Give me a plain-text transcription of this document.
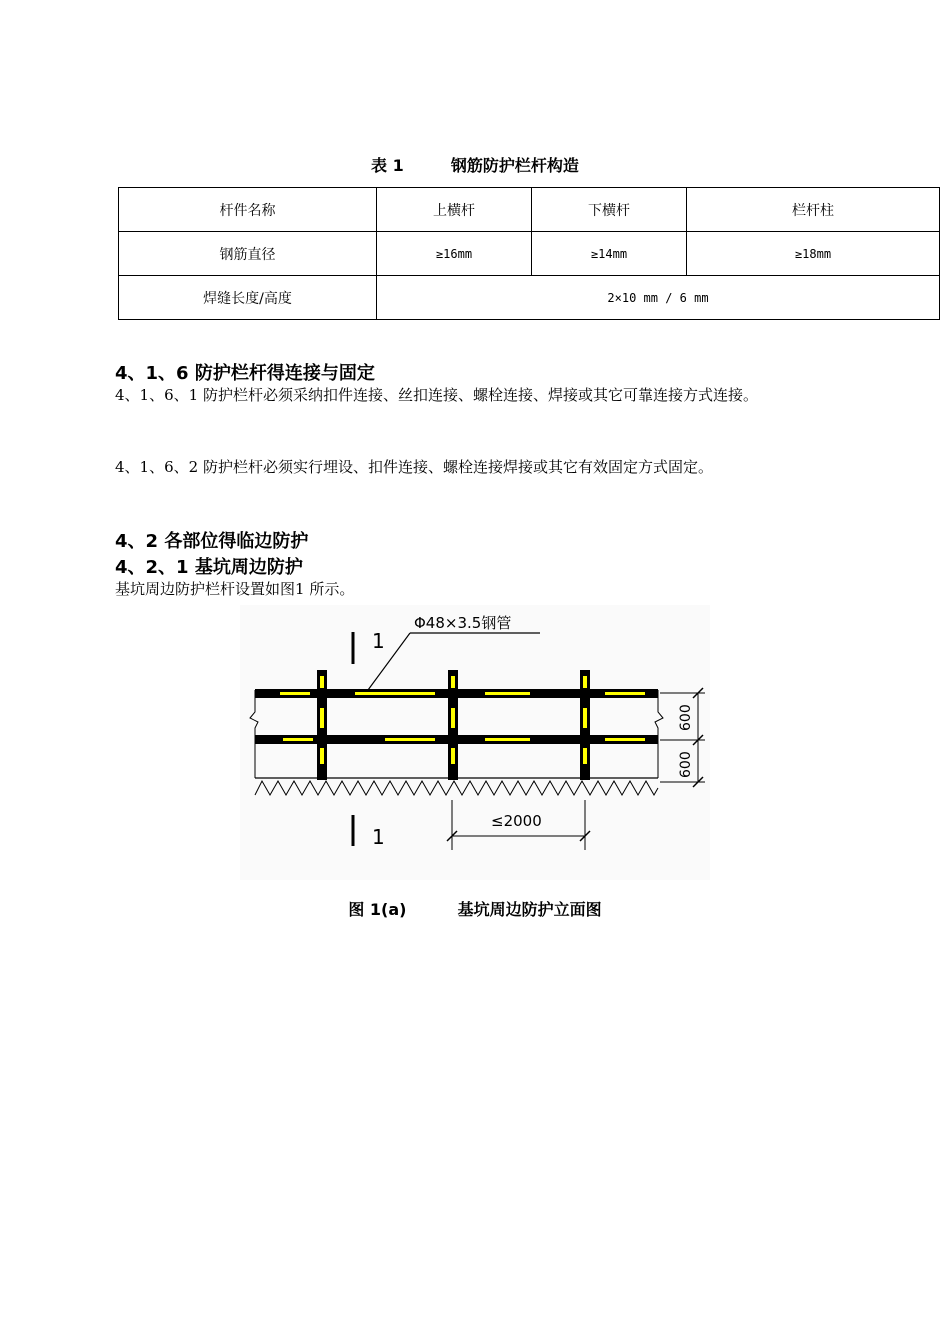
表 1	钢筋防护栏杆构造
杆件名称	上横杆	下横杆	栏杆柱
钢筋直径	≥16mm	≥14mm	≥18mm
焊缝长度/高度	2×10 mm / 6 mm		
4、1、6 防护栏杆得连接与固定
4、1、6、1 防护栏杆必须采纳扣件连接、丝扣连接、螺栓连接、焊接或其它可靠连接方式连接。
4、1、6、2 防护栏杆必须实行埋设、扣件连接、螺栓连接焊接或其它有效固定方式固定。
4、2 各部位得临边防护
4、2、1 基坑周边防护
基坑周边防护栏杆设置如图1 所示。
1
1
Φ48×3.5钢管
≤2000
600
600
图 1(a)	基坑周边防护立面图
